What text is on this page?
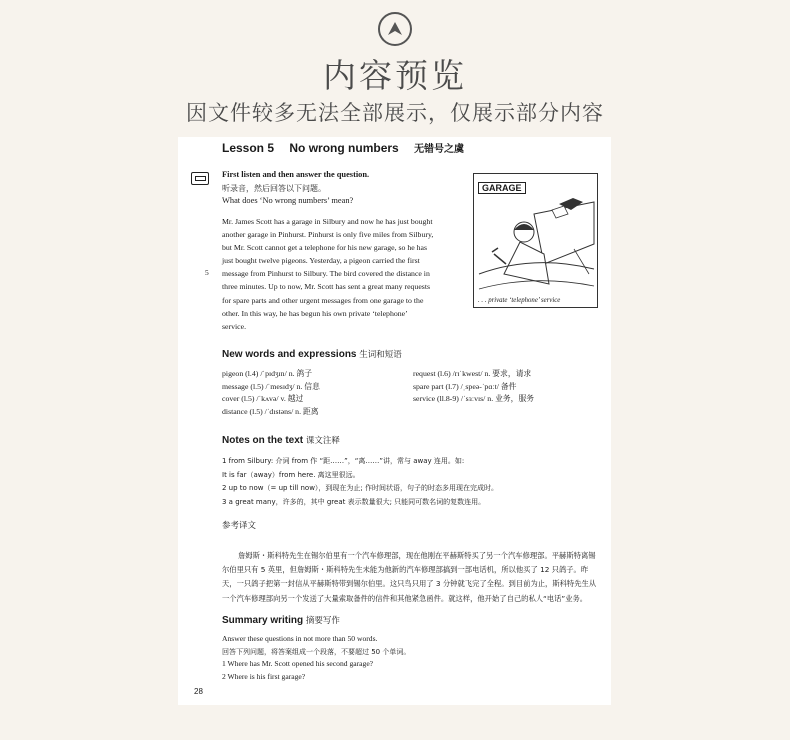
内容预览
因文件较多无法全部展示，仅展示部分内容
Lesson 5 No wrong numbers 无错号之虞
First listen and then answer the question.
听录音，然后回答以下问题。
What does ‘No wrong numbers’ mean?
Mr. James Scott has a garage in Silbury and now he has just bought
another garage in Pinhurst. Pinhurst is only five miles from Silbury,
but Mr. Scott cannot get a telephone for his new garage, so he has
just bought twelve pigeons. Yesterday, a pigeon carried the first
message from Pinhurst to Silbury. The bird covered the distance in
three minutes. Up to now, Mr. Scott has sent a great many requests
for spare parts and other urgent messages from one garage to the
other. In this way, he has begun his own private ‘telephone’
service.
5
GARAGE
. . . private ‘telephone’ service
New words and expressions 生词和短语
pigeon (l.4) /ˈpɪdʒɪn/ n. 鸽子
message (l.5) /ˈmesɪdʒ/ n. 信息
cover (l.5) /ˈkʌvə/ v. 越过
distance (l.5) /ˈdɪstəns/ n. 距离
request (l.6) /rɪˈkwest/ n. 要求，请求
spare part (l.7) /ˌspeə-ˈpɑːt/ 备件
service (ll.8-9) /ˈsɜːvɪs/ n. 业务，服务
Notes on the text 课文注释
1 from Silbury: 介词 from 作 “距……”，“离……”讲，常与 away 连用。如:
It is far（away）from here. 离这里很远。
2 up to now（= up till now），到现在为止; 作时间状语，句子的时态多用现在完成时。
3 a great many，许多的，其中 great 表示数量很大; 只能同可数名词的复数连用。
参考译文
詹姆斯・斯科特先生在锡尔伯里有一个汽车修理部，现在他刚在平赫斯特买了另一个汽车修理部。平赫斯特离锡尔伯里只有 5 英里，但詹姆斯・斯科特先生未能为他新的汽车修理部搞到一部电话机，所以他买了 12 只鸽子。昨天，一只鸽子把第一封信从平赫斯特带到锡尔伯里。这只鸟只用了 3 分钟就飞完了全程。到目前为止，斯科特先生从一个汽车修理部向另一个发送了大量索取备件的信件和其他紧急函件。就这样，他开始了自己的私人“电话”业务。
Summary writing 摘要写作
Answer these questions in not more than 50 words.
回答下列问题，将答案组成一个段落，不要超过 50 个单词。
1 Where has Mr. Scott opened his second garage?
2 Where is his first garage?
28
